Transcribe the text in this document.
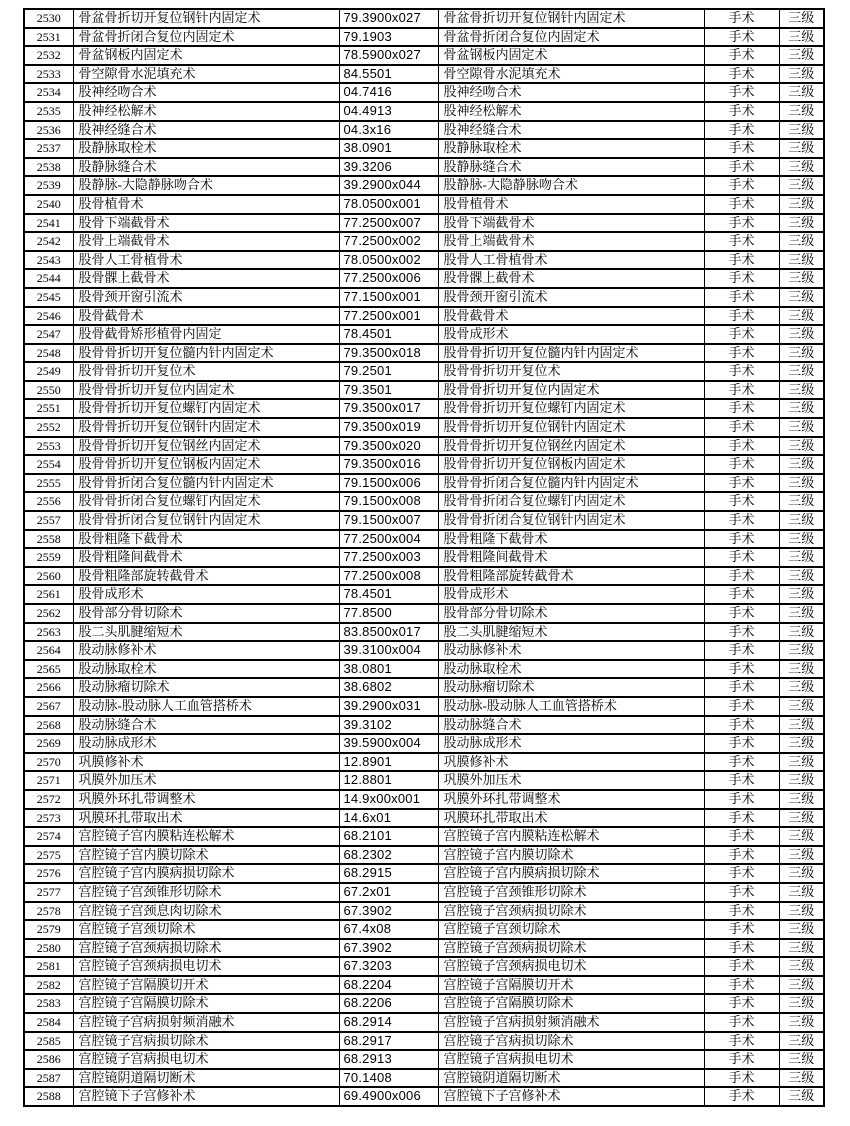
2530	骨盆骨折切开复位钢针内固定术	79.3900x027	骨盆骨折切开复位钢针内固定术	手术	三级
2531	骨盆骨折闭合复位内固定术	79.1903	骨盆骨折闭合复位内固定术	手术	三级
2532	骨盆钢板内固定术	78.5900x027	骨盆钢板内固定术	手术	三级
2533	骨空隙骨水泥填充术	84.5501	骨空隙骨水泥填充术	手术	三级
2534	股神经吻合术	04.7416	股神经吻合术	手术	三级
2535	股神经松解术	04.4913	股神经松解术	手术	三级
2536	股神经缝合术	04.3x16	股神经缝合术	手术	三级
2537	股静脉取栓术	38.0901	股静脉取栓术	手术	三级
2538	股静脉缝合术	39.3206	股静脉缝合术	手术	三级
2539	股静脉-大隐静脉吻合术	39.2900x044	股静脉-大隐静脉吻合术	手术	三级
2540	股骨植骨术	78.0500x001	股骨植骨术	手术	三级
2541	股骨下端截骨术	77.2500x007	股骨下端截骨术	手术	三级
2542	股骨上端截骨术	77.2500x002	股骨上端截骨术	手术	三级
2543	股骨人工骨植骨术	78.0500x002	股骨人工骨植骨术	手术	三级
2544	股骨髁上截骨术	77.2500x006	股骨髁上截骨术	手术	三级
2545	股骨颈开窗引流术	77.1500x001	股骨颈开窗引流术	手术	三级
2546	股骨截骨术	77.2500x001	股骨截骨术	手术	三级
2547	股骨截骨矫形植骨内固定	78.4501	股骨成形术	手术	三级
2548	股骨骨折切开复位髓内针内固定术	79.3500x018	股骨骨折切开复位髓内针内固定术	手术	三级
2549	股骨骨折切开复位术	79.2501	股骨骨折切开复位术	手术	三级
2550	股骨骨折切开复位内固定术	79.3501	股骨骨折切开复位内固定术	手术	三级
2551	股骨骨折切开复位螺钉内固定术	79.3500x017	股骨骨折切开复位螺钉内固定术	手术	三级
2552	股骨骨折切开复位钢针内固定术	79.3500x019	股骨骨折切开复位钢针内固定术	手术	三级
2553	股骨骨折切开复位钢丝内固定术	79.3500x020	股骨骨折切开复位钢丝内固定术	手术	三级
2554	股骨骨折切开复位钢板内固定术	79.3500x016	股骨骨折切开复位钢板内固定术	手术	三级
2555	股骨骨折闭合复位髓内针内固定术	79.1500x006	股骨骨折闭合复位髓内针内固定术	手术	三级
2556	股骨骨折闭合复位螺钉内固定术	79.1500x008	股骨骨折闭合复位螺钉内固定术	手术	三级
2557	股骨骨折闭合复位钢针内固定术	79.1500x007	股骨骨折闭合复位钢针内固定术	手术	三级
2558	股骨粗隆下截骨术	77.2500x004	股骨粗隆下截骨术	手术	三级
2559	股骨粗隆间截骨术	77.2500x003	股骨粗隆间截骨术	手术	三级
2560	股骨粗隆部旋转截骨术	77.2500x008	股骨粗隆部旋转截骨术	手术	三级
2561	股骨成形术	78.4501	股骨成形术	手术	三级
2562	股骨部分骨切除术	77.8500	股骨部分骨切除术	手术	三级
2563	股二头肌腱缩短术	83.8500x017	股二头肌腱缩短术	手术	三级
2564	股动脉修补术	39.3100x004	股动脉修补术	手术	三级
2565	股动脉取栓术	38.0801	股动脉取栓术	手术	三级
2566	股动脉瘤切除术	38.6802	股动脉瘤切除术	手术	三级
2567	股动脉-股动脉人工血管搭桥术	39.2900x031	股动脉-股动脉人工血管搭桥术	手术	三级
2568	股动脉缝合术	39.3102	股动脉缝合术	手术	三级
2569	股动脉成形术	39.5900x004	股动脉成形术	手术	三级
2570	巩膜修补术	12.8901	巩膜修补术	手术	三级
2571	巩膜外加压术	12.8801	巩膜外加压术	手术	三级
2572	巩膜外环扎带调整术	14.9x00x001	巩膜外环扎带调整术	手术	三级
2573	巩膜环扎带取出术	14.6x01	巩膜环扎带取出术	手术	三级
2574	宫腔镜子宫内膜粘连松解术	68.2101	宫腔镜子宫内膜粘连松解术	手术	三级
2575	宫腔镜子宫内膜切除术	68.2302	宫腔镜子宫内膜切除术	手术	三级
2576	宫腔镜子宫内膜病损切除术	68.2915	宫腔镜子宫内膜病损切除术	手术	三级
2577	宫腔镜子宫颈锥形切除术	67.2x01	宫腔镜子宫颈锥形切除术	手术	三级
2578	宫腔镜子宫颈息肉切除术	67.3902	宫腔镜子宫颈病损切除术	手术	三级
2579	宫腔镜子宫颈切除术	67.4x08	宫腔镜子宫颈切除术	手术	三级
2580	宫腔镜子宫颈病损切除术	67.3902	宫腔镜子宫颈病损切除术	手术	三级
2581	宫腔镜子宫颈病损电切术	67.3203	宫腔镜子宫颈病损电切术	手术	三级
2582	宫腔镜子宫隔膜切开术	68.2204	宫腔镜子宫隔膜切开术	手术	三级
2583	宫腔镜子宫隔膜切除术	68.2206	宫腔镜子宫隔膜切除术	手术	三级
2584	宫腔镜子宫病损射频消融术	68.2914	宫腔镜子宫病损射频消融术	手术	三级
2585	宫腔镜子宫病损切除术	68.2917	宫腔镜子宫病损切除术	手术	三级
2586	宫腔镜子宫病损电切术	68.2913	宫腔镜子宫病损电切术	手术	三级
2587	宫腔镜阴道隔切断术	70.1408	宫腔镜阴道隔切断术	手术	三级
2588	宫腔镜下子宫修补术	69.4900x006	宫腔镜下子宫修补术	手术	三级
